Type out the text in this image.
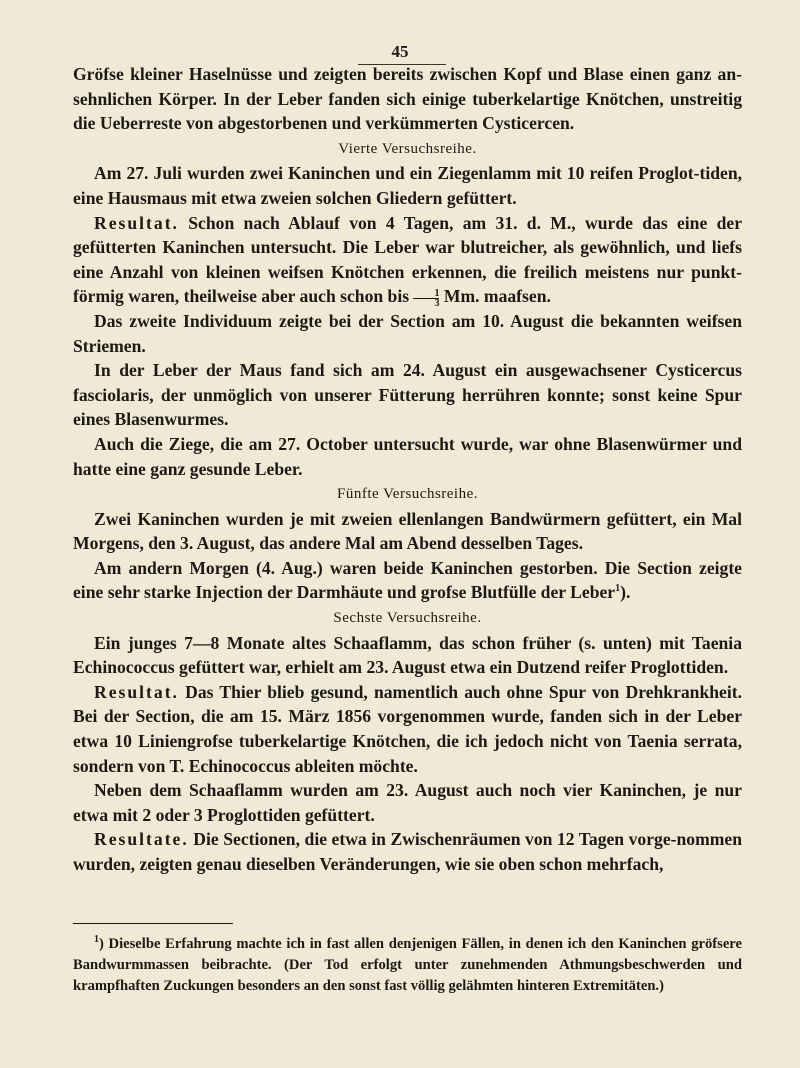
45

Gröfse kleiner Haselnüsse und zeigten bereits zwischen Kopf und Blase einen ganz an-sehnlichen Körper. In der Leber fanden sich einige tuberkelartige Knötchen, unstreitig die Ueberreste von abgestorbenen und verkümmerten Cysticercen.

Vierte Versuchsreihe.

Am 27. Juli wurden zwei Kaninchen und ein Ziegenlamm mit 10 reifen Proglot-tiden, eine Hausmaus mit etwa zweien solchen Gliedern gefüttert.

Resultat. Schon nach Ablauf von 4 Tagen, am 31. d. M., wurde das eine der gefütterten Kaninchen untersucht. Die Leber war blutreicher, als gewöhnlich, und liefs eine Anzahl von kleinen weifsen Knötchen erkennen, die freilich meistens nur punkt-förmig waren, theilweise aber auch schon bis $\frac{1}{3} Mm$. maafsen.

Das zweite Individuum zeigte bei der Section am 10. August die bekannten weifsen Striemen.

In der Leber der Maus fand sich am 24. August ein ausgewachsener Cysticercus fasciolaris, der unmöglich von unserer Fütterung herrühren konnte; sonst keine Spur eines Blasenwurmes.

Auch die Ziege, die am 27. October untersucht wurde, war ohne Blasenwürmer und hatte eine ganz gesunde Leber.

Fünfte Versuchsreihe.

Zwei Kaninchen wurden je mit zweien ellenlangen Bandwürmern gefüttert, ein Mal Morgens, den 3. August, das andere Mal am Abend desselben Tages.

Am andern Morgen (4. Aug.) waren beide Kaninchen gestorben. Die Section zeigte eine sehr starke Injection der Darmhäute und grofse Blutfülle der Leber$^1$).

Sechste Versuchsreihe.

Ein junges 7—8 Monate altes Schaaflamm, das schon früher (s. unten) mit Taenia Echinococcus gefüttert war, erhielt am 23. August etwa ein Dutzend reifer Proglottiden.

Resultat. Das Thier blieb gesund, namentlich auch ohne Spur von Drehkrankheit. Bei der Section, die am 15. März 1856 vorgenommen wurde, fanden sich in der Leber etwa 10 Liniengrofse tuberkelartige Knötchen, die ich jedoch nicht von Taenia serrata, sondern von T. Echinococcus ableiten möchte.

Neben dem Schaaflamm wurden am 23. August auch noch vier Kaninchen, je nur etwa mit 2 oder 3 Proglottiden gefüttert.

Resultate. Die Sectionen, die etwa in Zwischenräumen von 12 Tagen vorge-nommen wurden, zeigten genau dieselben Veränderungen, wie sie oben schon mehrfach,

$^1$) Dieselbe Erfahrung machte ich in fast allen denjenigen Fällen, in denen ich den Kaninchen gröfsere Bandwurmmassen beibrachte. (Der Tod erfolgt unter zunehmenden Athmungsbeschwerden und krampfhaften Zuckungen besonders an den sonst fast völlig gelähmten hinteren Extremitäten.)
